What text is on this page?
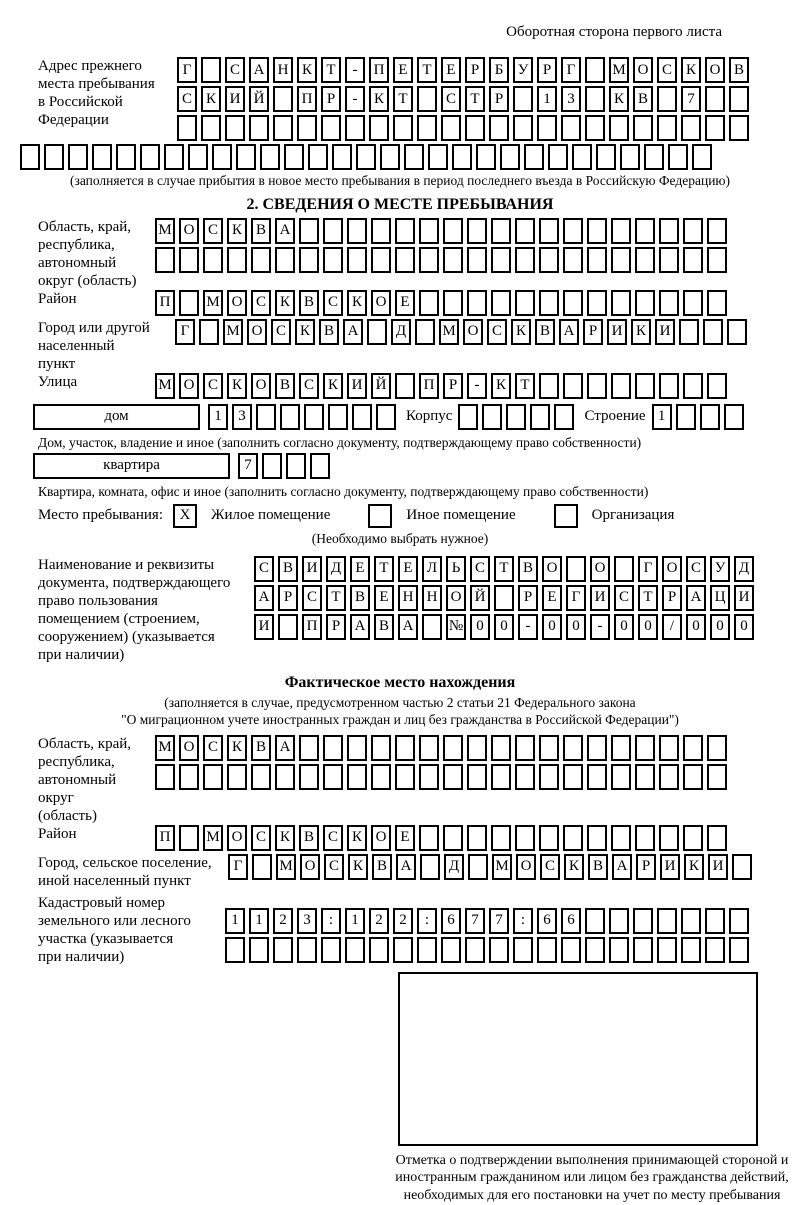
Оборотная сторона первого листа
Адрес прежнего
места пребывания
в Российской
Федерации
Г	С А Н К Т	-	П Е Т Е	Р	Б У Р	Г	М О С К О В
С К И Й	П Р	-	К Т	С Т	Р	1	3	К В	7
(заполняется в случае прибытия в новое место пребывания в период последнего въезда в Российскую Федерацию)
2. СВЕДЕНИЯ О МЕСТЕ ПРЕБЫВАНИЯ
Область, край,
республика,
автономный
округ (область)
М О С К В А
Район	П	М О С К В С К О Е
Город или другой
населенный пункт
Г	М О С К В А	Д	М О С К В А Р И К И
Улица	М О С К О В С К И Й	П Р	-	К Т
дом	1	3	Корпус	Строение 1
Дом, участок, владение и иное (заполнить согласно документу, подтверждающему право собственности)
квартира	7
Квартира, комната, офис и иное (заполнить согласно документу, подтверждающему право собственности)
Место пребывания:	X	Жилое помещение	Иное помещение	Организация
(Необходимо выбрать нужное)
Наименование и реквизиты
документа, подтверждающего
право пользования
помещением (строением,
сооружением) (указывается
при наличии)
С В И Д Е Т Е Л Ь С Т В О	О	Г О С У Д
А Р С Т В Е Н Н О Й	Р	Е	Г И С Т	Р А Ц И
И	П Р А В А	№ 0	0	-	0	0	-	0	0	/	0	0	0
Фактическое место нахождения
(заполняется в случае, предусмотренном частью 2 статьи 21 Федерального закона
"О миграционном учете иностранных граждан и лиц без гражданства в Российской Федерации")
Область, край,
республика,
автономный округ
(область)
М О С К В А
Район	П	М О С К В С К О Е
Город, сельское поселение,
иной населенный пункт
Г	М О С К В А	Д	М О С К В А Р И К И
Кадастровый номер
земельного или лесного
участка (указывается
при наличии)
1	1	2	3	:	1	2	2	:	6	7	7	:	6	6
Отметка о подтверждении выполнения принимающей стороной и иностранным гражданином или лицом без гражданства действий, необходимых для его постановки на учет по месту пребывания
